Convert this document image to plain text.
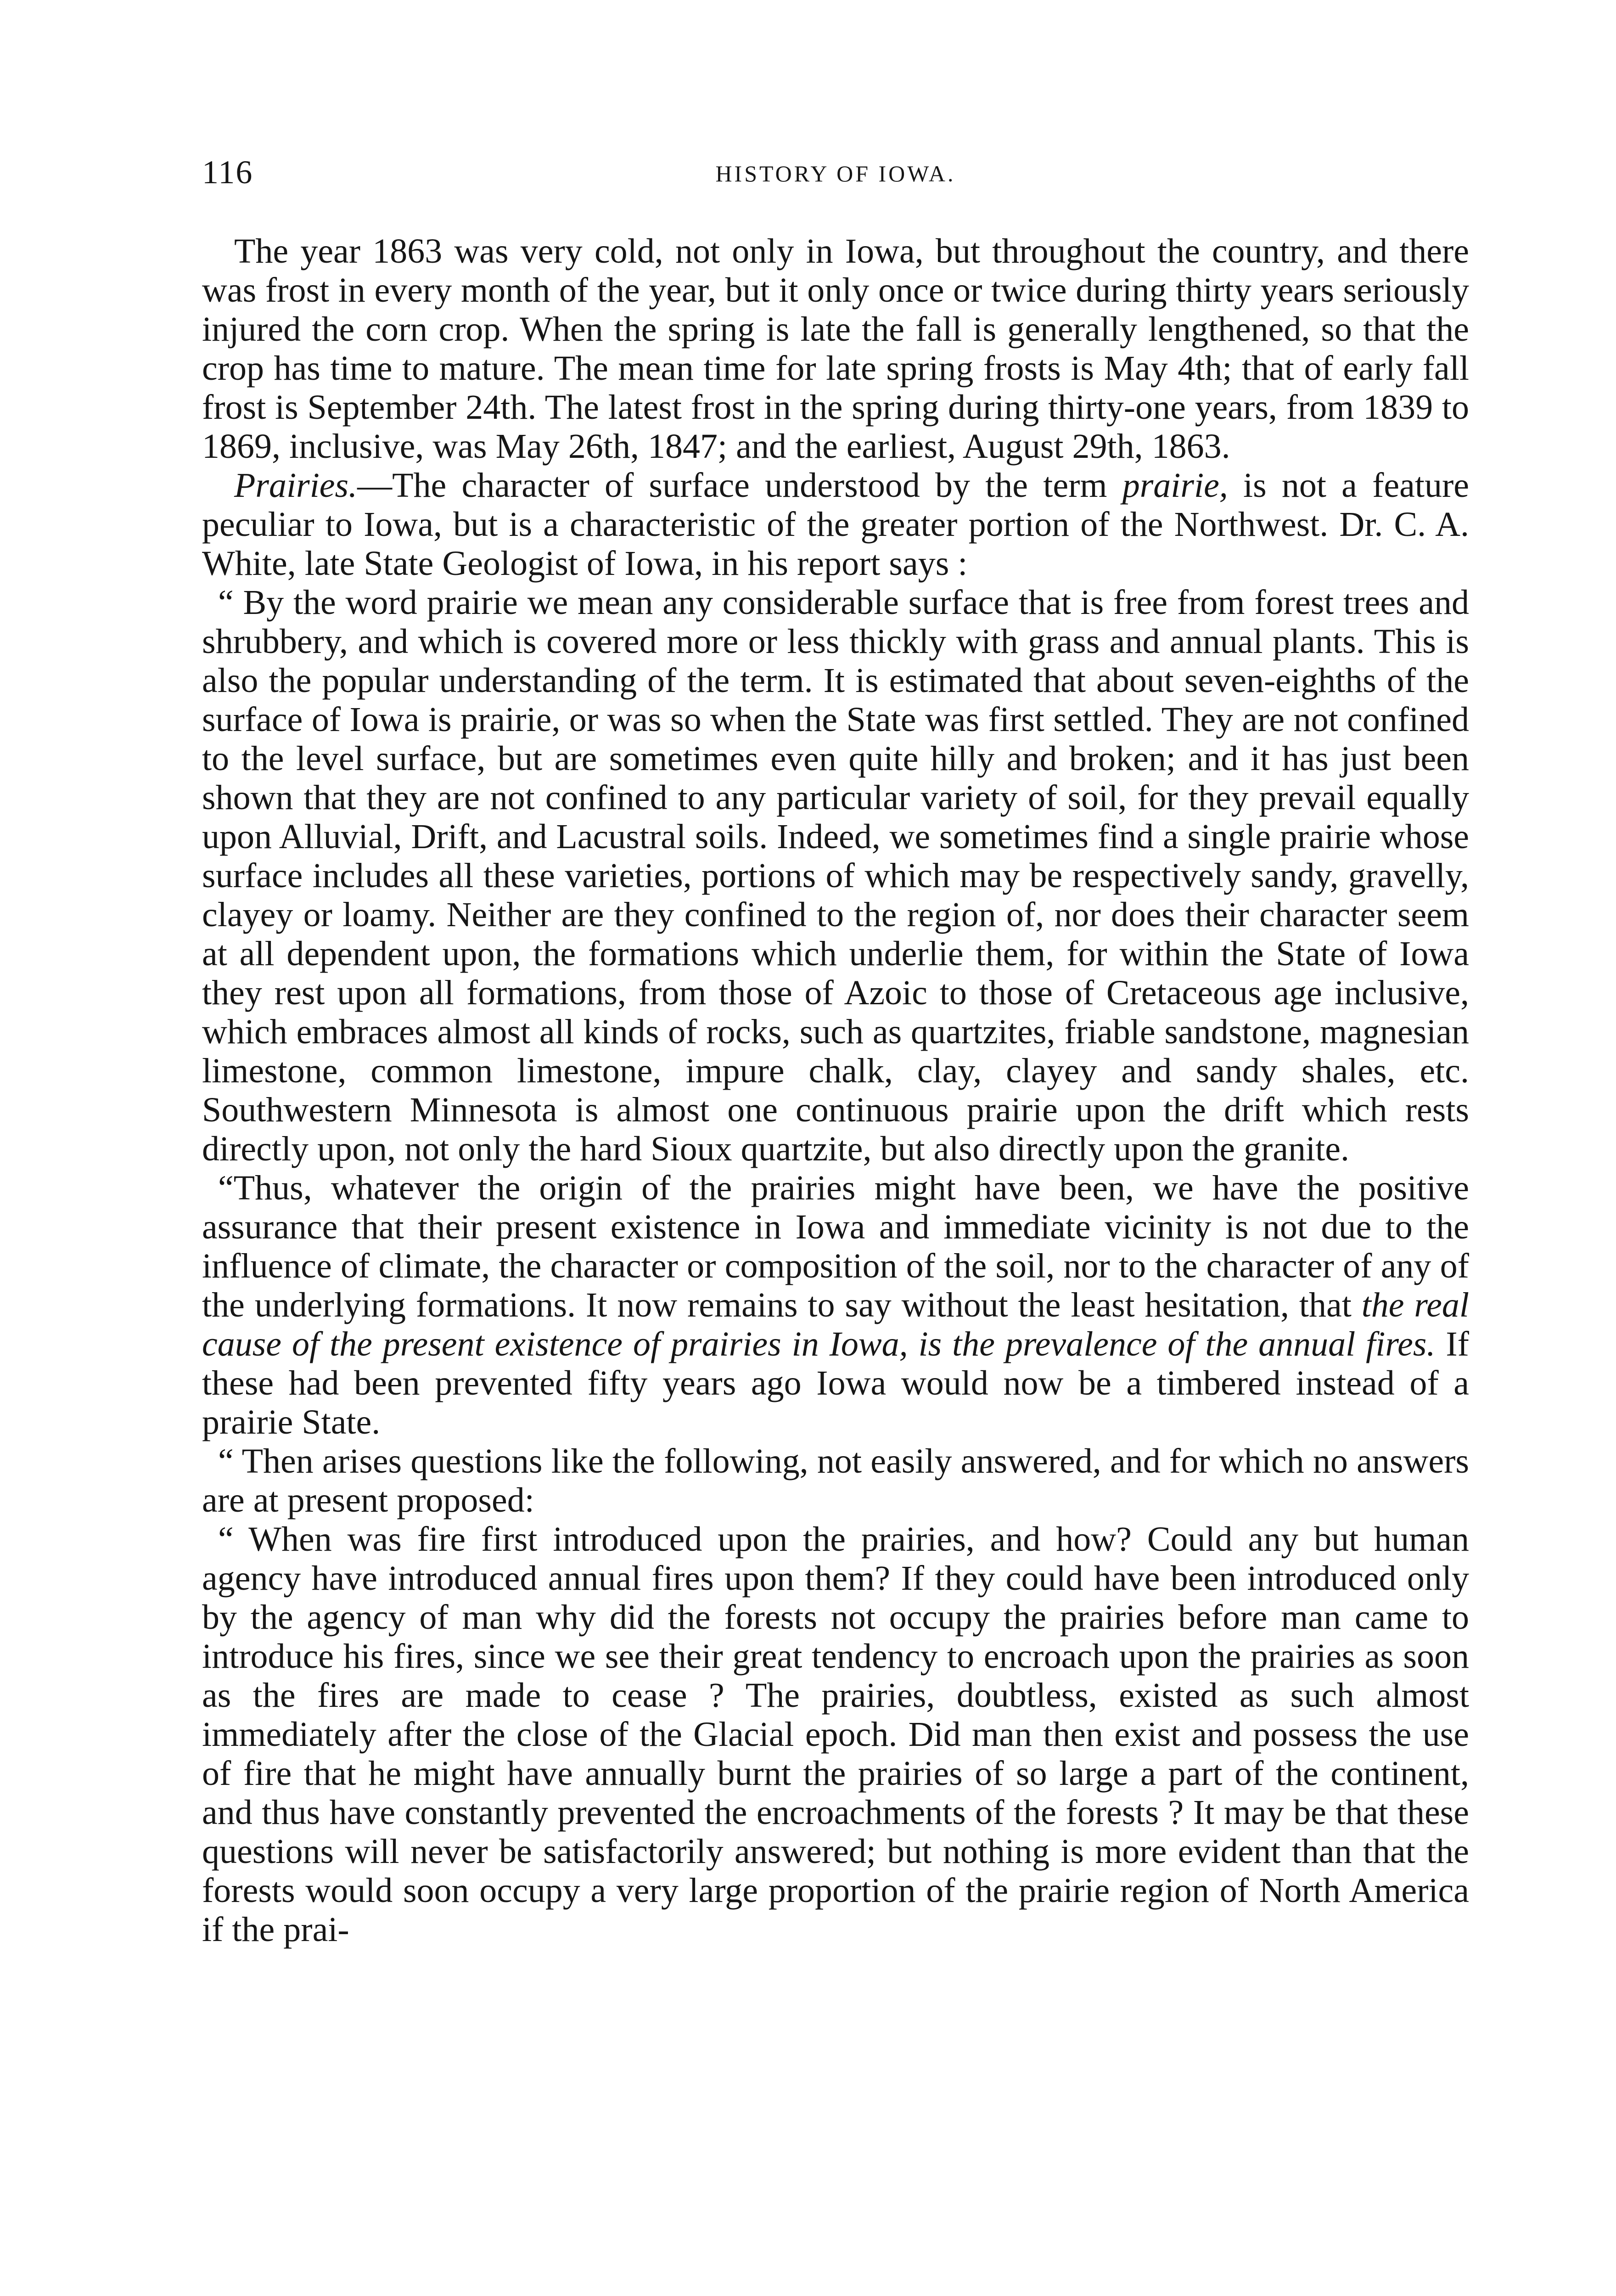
116	HISTORY OF IOWA.

The year 1863 was very cold, not only in Iowa, but throughout the country, and there was frost in every month of the year, but it only once or twice during thirty years seriously injured the corn crop. When the spring is late the fall is generally lengthened, so that the crop has time to mature. The mean time for late spring frosts is May 4th; that of early fall frost is September 24th. The latest frost in the spring during thirty-one years, from 1839 to 1869, inclusive, was May 26th, 1847; and the earliest, August 29th, 1863.

Prairies.—The character of surface understood by the term prairie, is not a feature peculiar to Iowa, but is a characteristic of the greater portion of the Northwest. Dr. C. A. White, late State Geologist of Iowa, in his report says :

“ By the word prairie we mean any considerable surface that is free from forest trees and shrubbery, and which is covered more or less thickly with grass and annual plants. This is also the popular understanding of the term. It is estimated that about seven-eighths of the surface of Iowa is prairie, or was so when the State was first settled. They are not confined to the level surface, but are sometimes even quite hilly and broken; and it has just been shown that they are not confined to any particular variety of soil, for they prevail equally upon Alluvial, Drift, and Lacustral soils. Indeed, we sometimes find a single prairie whose surface includes all these varieties, portions of which may be respectively sandy, gravelly, clayey or loamy. Neither are they confined to the region of, nor does their character seem at all dependent upon, the formations which underlie them, for within the State of Iowa they rest upon all formations, from those of Azoic to those of Cretaceous age inclusive, which embraces almost all kinds of rocks, such as quartzites, friable sandstone, magnesian limestone, common limestone, impure chalk, clay, clayey and sandy shales, etc. Southwestern Minnesota is almost one continuous prairie upon the drift which rests directly upon, not only the hard Sioux quartzite, but also directly upon the granite.

“Thus, whatever the origin of the prairies might have been, we have the positive assurance that their present existence in Iowa and immediate vicinity is not due to the influence of climate, the character or composition of the soil, nor to the character of any of the underlying formations. It now remains to say without the least hesitation, that the real cause of the present existence of prairies in Iowa, is the prevalence of the annual fires. If these had been prevented fifty years ago Iowa would now be a timbered instead of a prairie State.

“ Then arises questions like the following, not easily answered, and for which no answers are at present proposed:

“ When was fire first introduced upon the prairies, and how? Could any but human agency have introduced annual fires upon them? If they could have been introduced only by the agency of man why did the forests not occupy the prairies before man came to introduce his fires, since we see their great tendency to encroach upon the prairies as soon as the fires are made to cease ? The prairies, doubtless, existed as such almost immediately after the close of the Glacial epoch. Did man then exist and possess the use of fire that he might have annually burnt the prairies of so large a part of the continent, and thus have constantly prevented the encroachments of the forests ? It may be that these questions will never be satisfactorily answered; but nothing is more evident than that the forests would soon occupy a very large proportion of the prairie region of North America if the prai-
